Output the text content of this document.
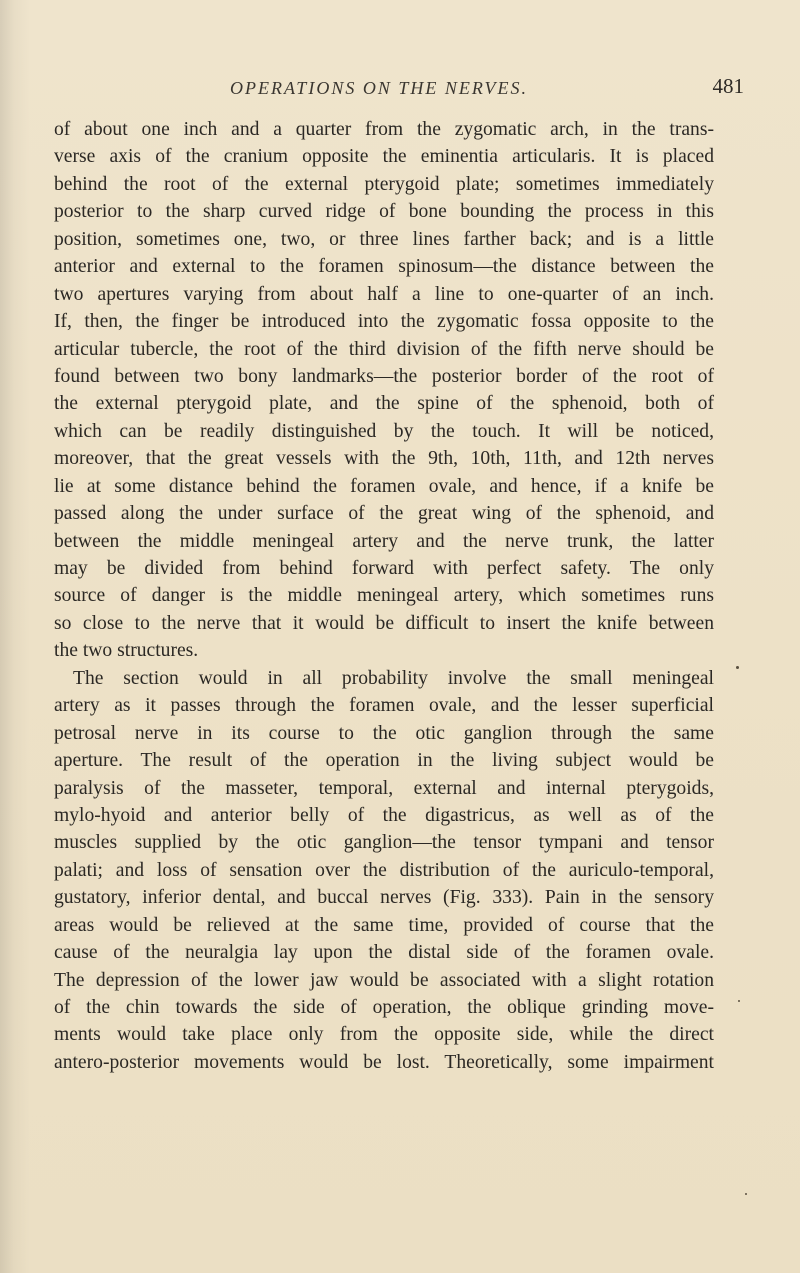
OPERATIONS ON THE NERVES.	481
of about one inch and a quarter from the zygomatic arch, in the trans-
verse axis of the cranium opposite the eminentia articularis. It is placed
behind the root of the external pterygoid plate; sometimes immediately
posterior to the sharp curved ridge of bone bounding the process in this
position, sometimes one, two, or three lines farther back; and is a little
anterior and external to the foramen spinosum—the distance between the
two apertures varying from about half a line to one-quarter of an inch.
If, then, the finger be introduced into the zygomatic fossa opposite to the
articular tubercle, the root of the third division of the fifth nerve should be
found between two bony landmarks—the posterior border of the root of
the external pterygoid plate, and the spine of the sphenoid, both of
which can be readily distinguished by the touch. It will be noticed,
moreover, that the great vessels with the 9th, 10th, 11th, and 12th nerves
lie at some distance behind the foramen ovale, and hence, if a knife be
passed along the under surface of the great wing of the sphenoid, and
between the middle meningeal artery and the nerve trunk, the latter
may be divided from behind forward with perfect safety. The only
source of danger is the middle meningeal artery, which sometimes runs
so close to the nerve that it would be difficult to insert the knife between
the two structures.
The section would in all probability involve the small meningeal
artery as it passes through the foramen ovale, and the lesser superficial
petrosal nerve in its course to the otic ganglion through the same
aperture. The result of the operation in the living subject would be
paralysis of the masseter, temporal, external and internal pterygoids,
mylo-hyoid and anterior belly of the digastricus, as well as of the
muscles supplied by the otic ganglion—the tensor tympani and tensor
palati; and loss of sensation over the distribution of the auriculo-temporal,
gustatory, inferior dental, and buccal nerves (Fig. 333). Pain in the sensory
areas would be relieved at the same time, provided of course that the
cause of the neuralgia lay upon the distal side of the foramen ovale.
The depression of the lower jaw would be associated with a slight rotation
of the chin towards the side of operation, the oblique grinding move-
ments would take place only from the opposite side, while the direct
antero-posterior movements would be lost. Theoretically, some impairment
